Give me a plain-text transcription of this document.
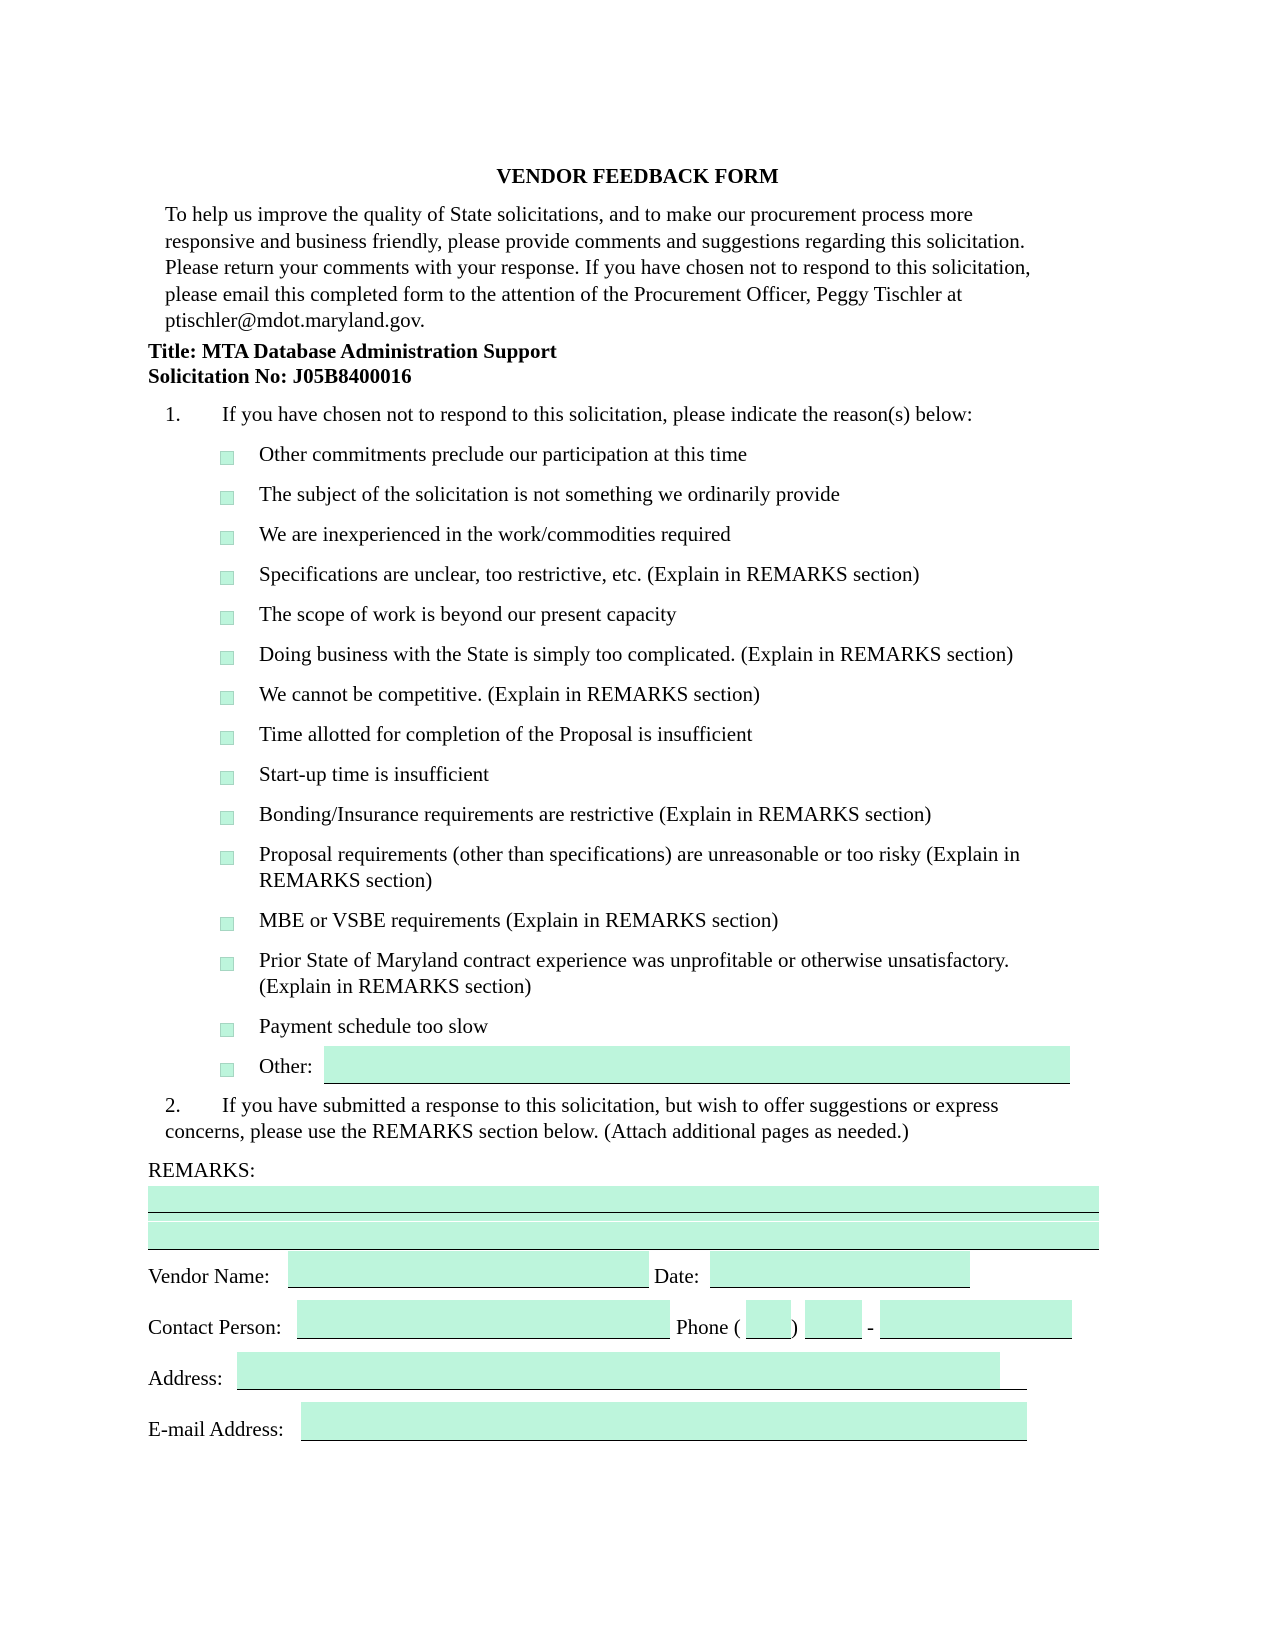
VENDOR FEEDBACK FORM
To help us improve the quality of State solicitations, and to make our procurement process more
responsive and business friendly, please provide comments and suggestions regarding this solicitation.
Please return your comments with your response. If you have chosen not to respond to this solicitation,
please email this completed form to the attention of the Procurement Officer, Peggy Tischler at
ptischler@mdot.maryland.gov.
Title: MTA Database Administration Support
Solicitation No: J05B8400016
1. If you have chosen not to respond to this solicitation, please indicate the reason(s) below:
Other commitments preclude our participation at this time
The subject of the solicitation is not something we ordinarily provide
We are inexperienced in the work/commodities required
Specifications are unclear, too restrictive, etc. (Explain in REMARKS section)
The scope of work is beyond our present capacity
Doing business with the State is simply too complicated. (Explain in REMARKS section)
We cannot be competitive. (Explain in REMARKS section)
Time allotted for completion of the Proposal is insufficient
Start-up time is insufficient
Bonding/Insurance requirements are restrictive (Explain in REMARKS section)
Proposal requirements (other than specifications) are unreasonable or too risky (Explain in
REMARKS section)
MBE or VSBE requirements (Explain in REMARKS section)
Prior State of Maryland contract experience was unprofitable or otherwise unsatisfactory.
(Explain in REMARKS section)
Payment schedule too slow
Other:
2. If you have submitted a response to this solicitation, but wish to offer suggestions or express
concerns, please use the REMARKS section below. (Attach additional pages as needed.)
REMARKS:
Vendor Name:	Date:
Contact Person:	Phone ( )	-
Address:
E-mail Address:
